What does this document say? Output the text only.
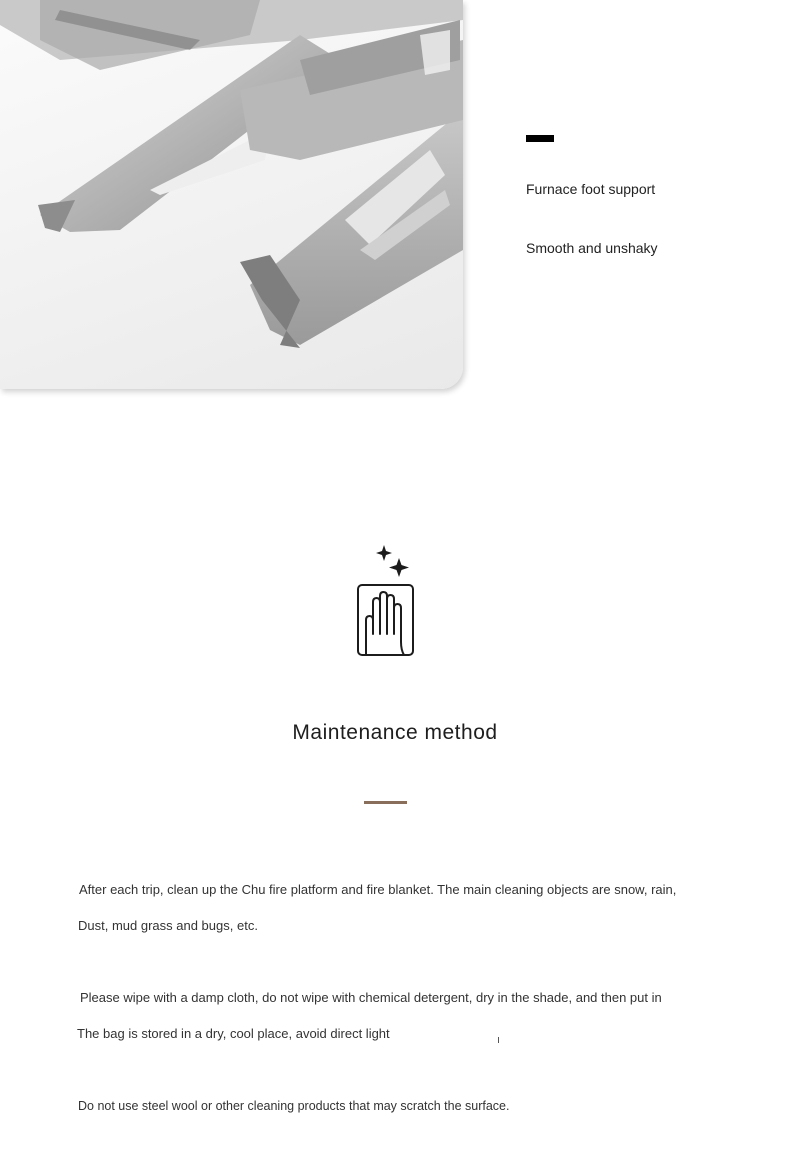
Furnace foot support
Smooth and unshaky
Maintenance method
After each trip, clean up the Chu fire platform and fire blanket. The main cleaning objects are snow, rain,
Dust, mud grass and bugs, etc.
Please wipe with a damp cloth, do not wipe with chemical detergent, dry in the shade, and then put in
The bag is stored in a dry, cool place, avoid direct light
Do not use steel wool or other cleaning products that may scratch the surface.
